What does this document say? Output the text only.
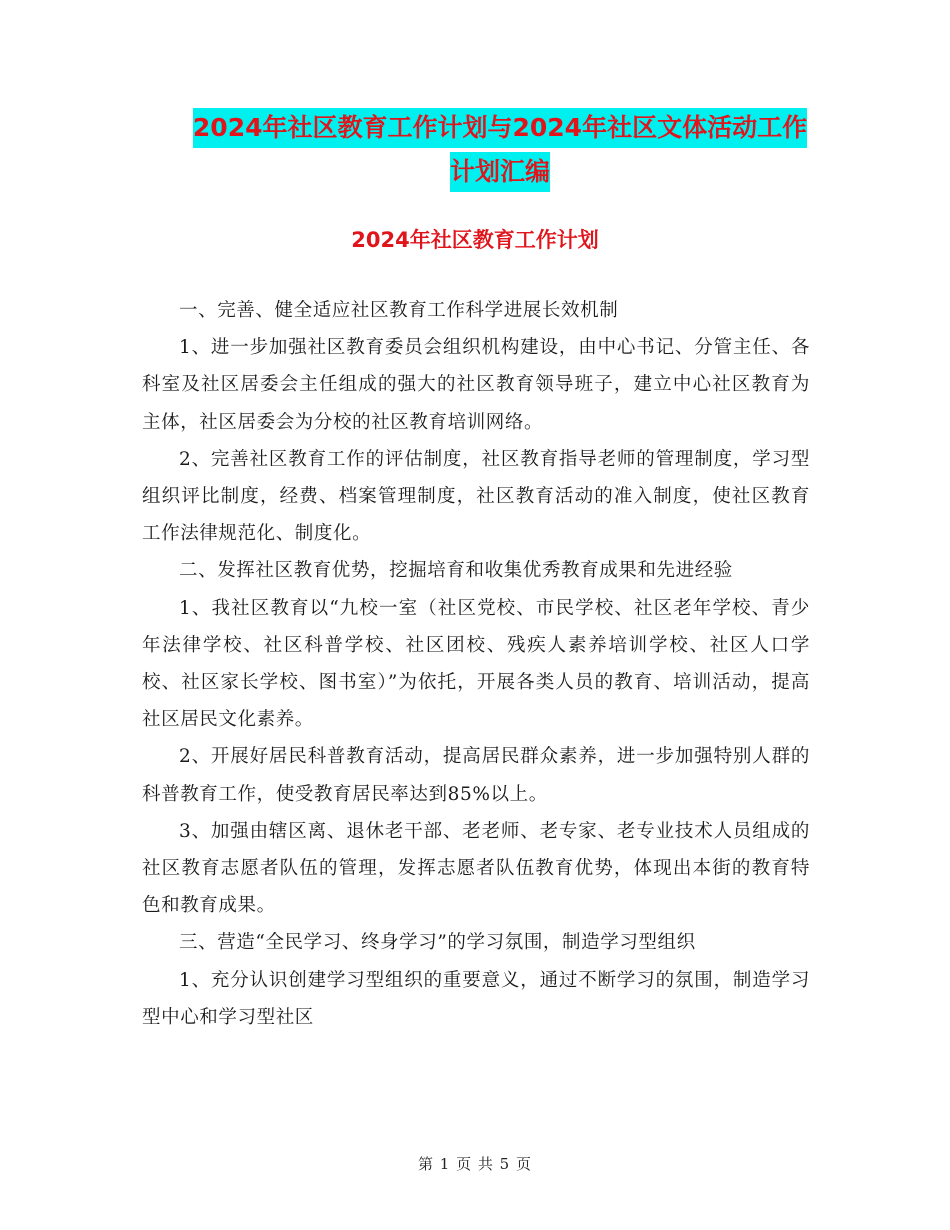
2024年社区教育工作计划与2024年社区文体活动工作
计划汇编
2024年社区教育工作计划

一、完善、健全适应社区教育工作科学进展长效机制

1、进一步加强社区教育委员会组织机构建设，由中心书记、分管主任、各科室及社区居委会主任组成的强大的社区教育领导班子，建立中心社区教育为主体，社区居委会为分校的社区教育培训网络。

2、完善社区教育工作的评估制度，社区教育指导老师的管理制度，学习型组织评比制度，经费、档案管理制度，社区教育活动的准入制度，使社区教育工作法律规范化、制度化。

二、发挥社区教育优势，挖掘培育和收集优秀教育成果和先进经验

1、我社区教育以“九校一室（社区党校、市民学校、社区老年学校、青少年法律学校、社区科普学校、社区团校、残疾人素养培训学校、社区人口学校、社区家长学校、图书室）”为依托，开展各类人员的教育、培训活动，提高社区居民文化素养。

2、开展好居民科普教育活动，提高居民群众素养，进一步加强特别人群的科普教育工作，使受教育居民率达到85%以上。

3、加强由辖区离、退休老干部、老老师、老专家、老专业技术人员组成的社区教育志愿者队伍的管理，发挥志愿者队伍教育优势，体现出本街的教育特色和教育成果。

三、营造“全民学习、终身学习”的学习氛围，制造学习型组织

1、充分认识创建学习型组织的重要意义，通过不断学习的氛围，制造学习型中心和学习型社区

第 1 页 共 5 页
